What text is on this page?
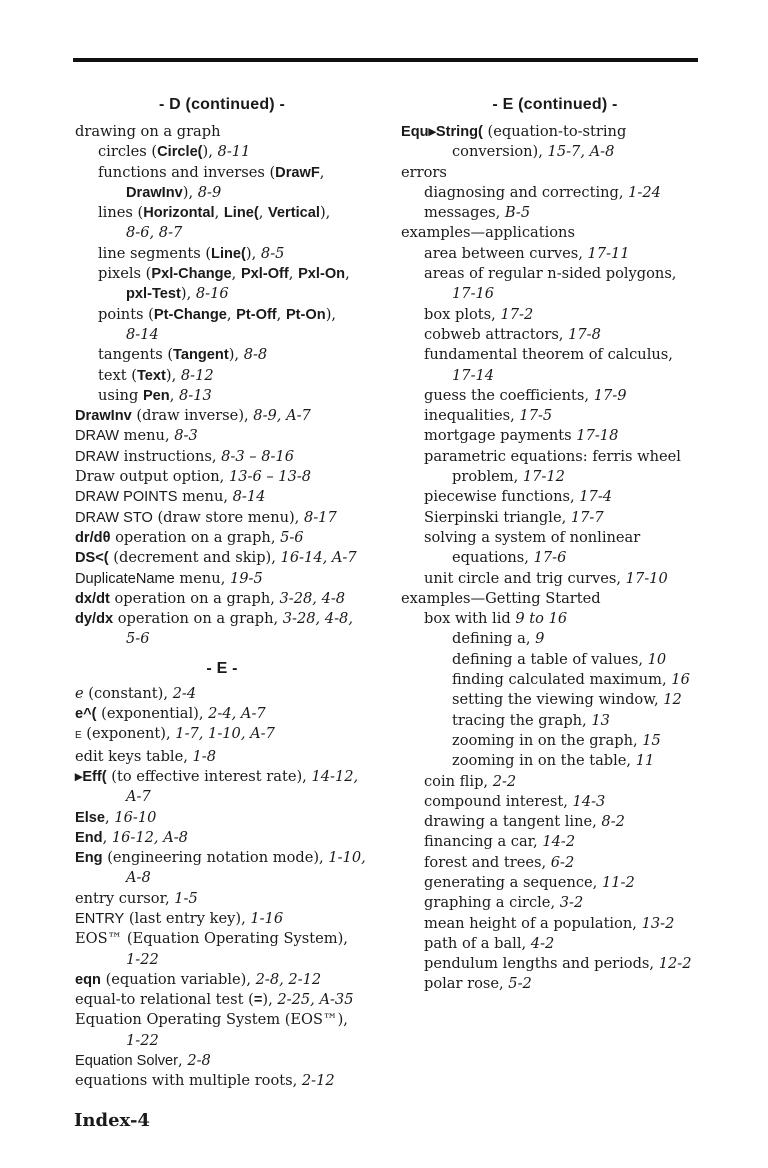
- D (continued) -
drawing on a graph
circles (Circle(), 8-11
functions and inverses (DrawF,
DrawInv), 8-9
lines (Horizontal, Line(, Vertical),
8-6, 8-7
line segments (Line(), 8-5
pixels (Pxl-Change, Pxl-Off, Pxl-On,
pxl-Test), 8-16
points (Pt-Change, Pt-Off, Pt-On),
8-14
tangents (Tangent), 8-8
text (Text), 8-12
using Pen, 8-13
DrawInv (draw inverse), 8-9, A-7
DRAW menu, 8-3
DRAW instructions, 8-3 – 8-16
Draw output option, 13-6 – 13-8
DRAW POINTS menu, 8-14
DRAW STO (draw store menu), 8-17
dr/dθ operation on a graph, 5-6
DS<( (decrement and skip), 16-14, A-7
DuplicateName menu, 19-5
dx/dt operation on a graph, 3-28, 4-8
dy/dx operation on a graph, 3-28, 4-8,
5-6
- E -
e (constant), 2-4
e^( (exponential), 2-4, A-7
E (exponent), 1-7, 1-10, A-7
edit keys table, 1-8
▸Eff( (to effective interest rate), 14-12,
A-7
Else, 16-10
End, 16-12, A-8
Eng (engineering notation mode), 1-10,
A-8
entry cursor, 1-5
ENTRY (last entry key), 1-16
EOS™ (Equation Operating System),
1-22
eqn (equation variable), 2-8, 2-12
equal-to relational test (=), 2-25, A-35
Equation Operating System (EOS™),
1-22
Equation Solver, 2-8
equations with multiple roots, 2-12
- E (continued) -
Equ▸String( (equation-to-string
conversion), 15-7, A-8
errors
diagnosing and correcting, 1-24
messages, B-5
examples—applications
area between curves, 17-11
areas of regular n-sided polygons,
17-16
box plots, 17-2
cobweb attractors, 17-8
fundamental theorem of calculus,
17-14
guess the coefficients, 17-9
inequalities, 17-5
mortgage payments 17-18
parametric equations: ferris wheel
problem, 17-12
piecewise functions, 17-4
Sierpinski triangle, 17-7
solving a system of nonlinear
equations, 17-6
unit circle and trig curves, 17-10
examples—Getting Started
box with lid 9 to 16
defining a, 9
defining a table of values, 10
finding calculated maximum, 16
setting the viewing window, 12
tracing the graph, 13
zooming in on the graph, 15
zooming in on the table, 11
coin flip, 2-2
compound interest, 14-3
drawing a tangent line, 8-2
financing a car, 14-2
forest and trees, 6-2
generating a sequence, 11-2
graphing a circle, 3-2
mean height of a population, 13-2
path of a ball, 4-2
pendulum lengths and periods, 12-2
polar rose, 5-2
Index-4
